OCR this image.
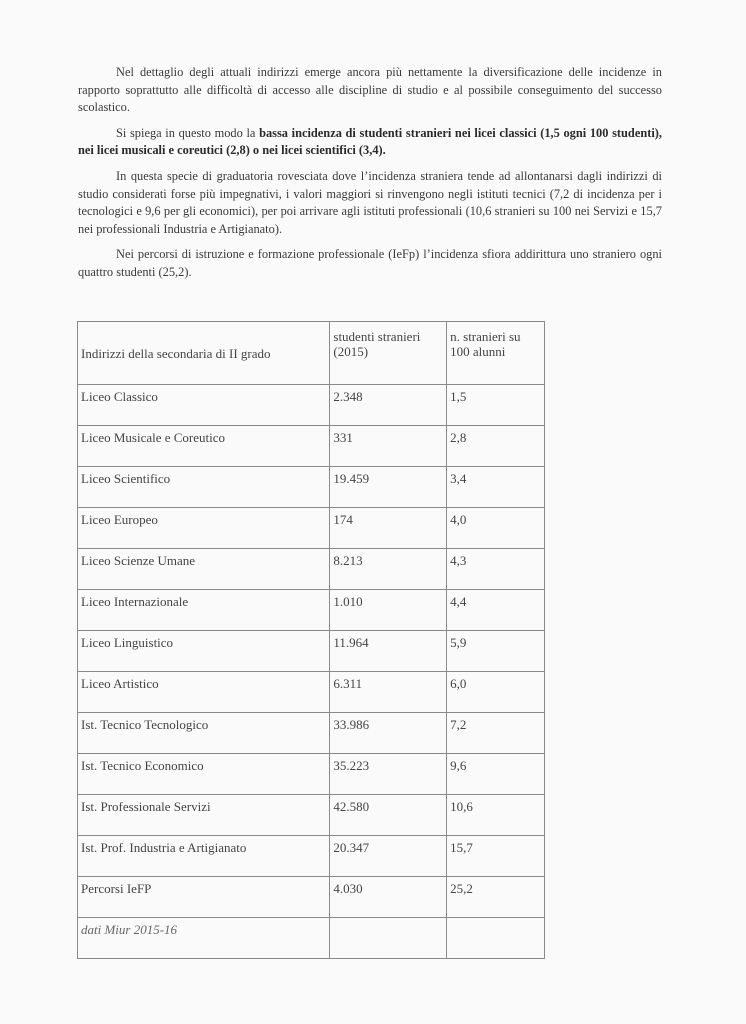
Nel dettaglio degli attuali indirizzi emerge ancora più nettamente la diversificazione delle incidenze in rapporto soprattutto alle difficoltà di accesso alle discipline di studio e al possibile conseguimento del successo scolastico.

Si spiega in questo modo la bassa incidenza di studenti stranieri nei licei classici (1,5 ogni 100 studenti), nei licei musicali e coreutici (2,8) o nei licei scientifici (3,4).

In questa specie di graduatoria rovesciata dove l’incidenza straniera tende ad allontanarsi dagli indirizzi di studio considerati forse più impegnativi, i valori maggiori si rinvengono negli istituti tecnici (7,2 di incidenza per i tecnologici e 9,6 per gli economici), per poi arrivare agli istituti professionali (10,6 stranieri su 100 nei Servizi e 15,7 nei professionali Industria e Artigianato).

Nei percorsi di istruzione e formazione professionale (IeFp) l’incidenza sfiora addirittura uno straniero ogni quattro studenti (25,2).

Indirizzi della secondaria di II grado	studenti stranieri (2015)	n. stranieri su 100 alunni
Liceo Classico	2.348	1,5
Liceo Musicale e Coreutico	331	2,8
Liceo Scientifico	19.459	3,4
Liceo Europeo	174	4,0
Liceo Scienze Umane	8.213	4,3
Liceo Internazionale	1.010	4,4
Liceo Linguistico	11.964	5,9
Liceo Artistico	6.311	6,0
Ist. Tecnico Tecnologico	33.986	7,2
Ist. Tecnico Economico	35.223	9,6
Ist. Professionale Servizi	42.580	10,6
Ist. Prof. Industria e Artigianato	20.347	15,7
Percorsi IeFP	4.030	25,2
dati Miur 2015-16		
